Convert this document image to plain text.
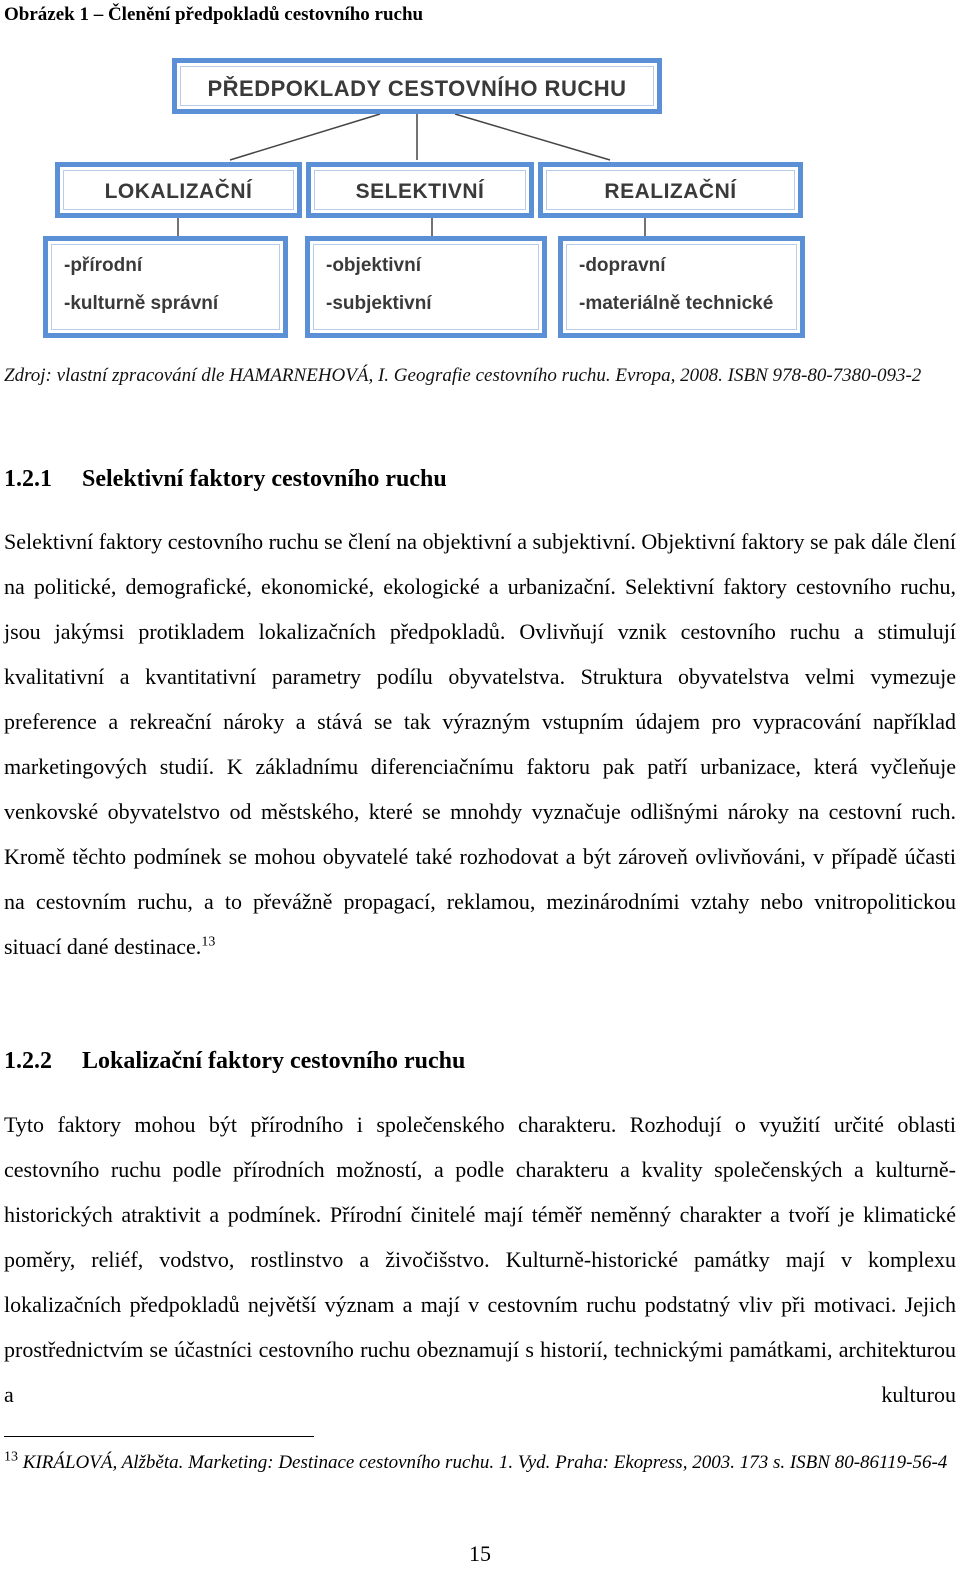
Obrázek 1 – Členění předpokladů cestovního ruchu
PŘEDPOKLADY CESTOVNÍHO RUCHU
LOKALIZAČNÍ	SELEKTIVNÍ	REALIZAČNÍ
-přírodní
-kulturně správní
-objektivní
-subjektivní
-dopravní
-materiálně technické
Zdroj: vlastní zpracování dle HAMARNEHOVÁ, I. Geografie cestovního ruchu. Evropa, 2008. ISBN 978-80-7380-093-2
1.2.1 Selektivní faktory cestovního ruchu
Selektivní faktory cestovního ruchu se člení na objektivní a subjektivní. Objektivní faktory se pak dále člení na politické, demografické, ekonomické, ekologické a urbanizační. Selektivní faktory cestovního ruchu, jsou jakýmsi protikladem lokalizačních předpokladů. Ovlivňují vznik cestovního ruchu a stimulují kvalitativní a kvantitativní parametry podílu obyvatelstva. Struktura obyvatelstva velmi vymezuje preference a rekreační nároky a stává se tak výrazným vstupním údajem pro vypracování například marketingových studií. K základnímu diferenciačnímu faktoru pak patří urbanizace, která vyčleňuje venkovské obyvatelstvo od městského, které se mnohdy vyznačuje odlišnými nároky na cestovní ruch. Kromě těchto podmínek se mohou obyvatelé také rozhodovat a být zároveň ovlivňováni, v případě účasti na cestovním ruchu, a to převážně propagací, reklamou, mezinárodními vztahy nebo vnitropolitickou situací dané destinace.$^{13}$
1.2.2 Lokalizační faktory cestovního ruchu
Tyto faktory mohou být přírodního i společenského charakteru. Rozhodují o využití určité oblasti cestovního ruchu podle přírodních možností, a podle charakteru a kvality společenských a kulturně-historických atraktivit a podmínek. Přírodní činitelé mají téměř neměnný charakter a tvoří je klimatické poměry, reliéf, vodstvo, rostlinstvo a živočišstvo. Kulturně-historické památky mají v komplexu lokalizačních předpokladů největší význam a mají v cestovním ruchu podstatný vliv při motivaci. Jejich prostřednictvím se účastníci cestovního ruchu obeznamují s historií, technickými památkami, architekturou a kulturou
$^{13}$ KIRÁLOVÁ, Alžběta. Marketing: Destinace cestovního ruchu. 1. Vyd. Praha: Ekopress, 2003. 173 s. ISBN 80-86119-56-4
15
